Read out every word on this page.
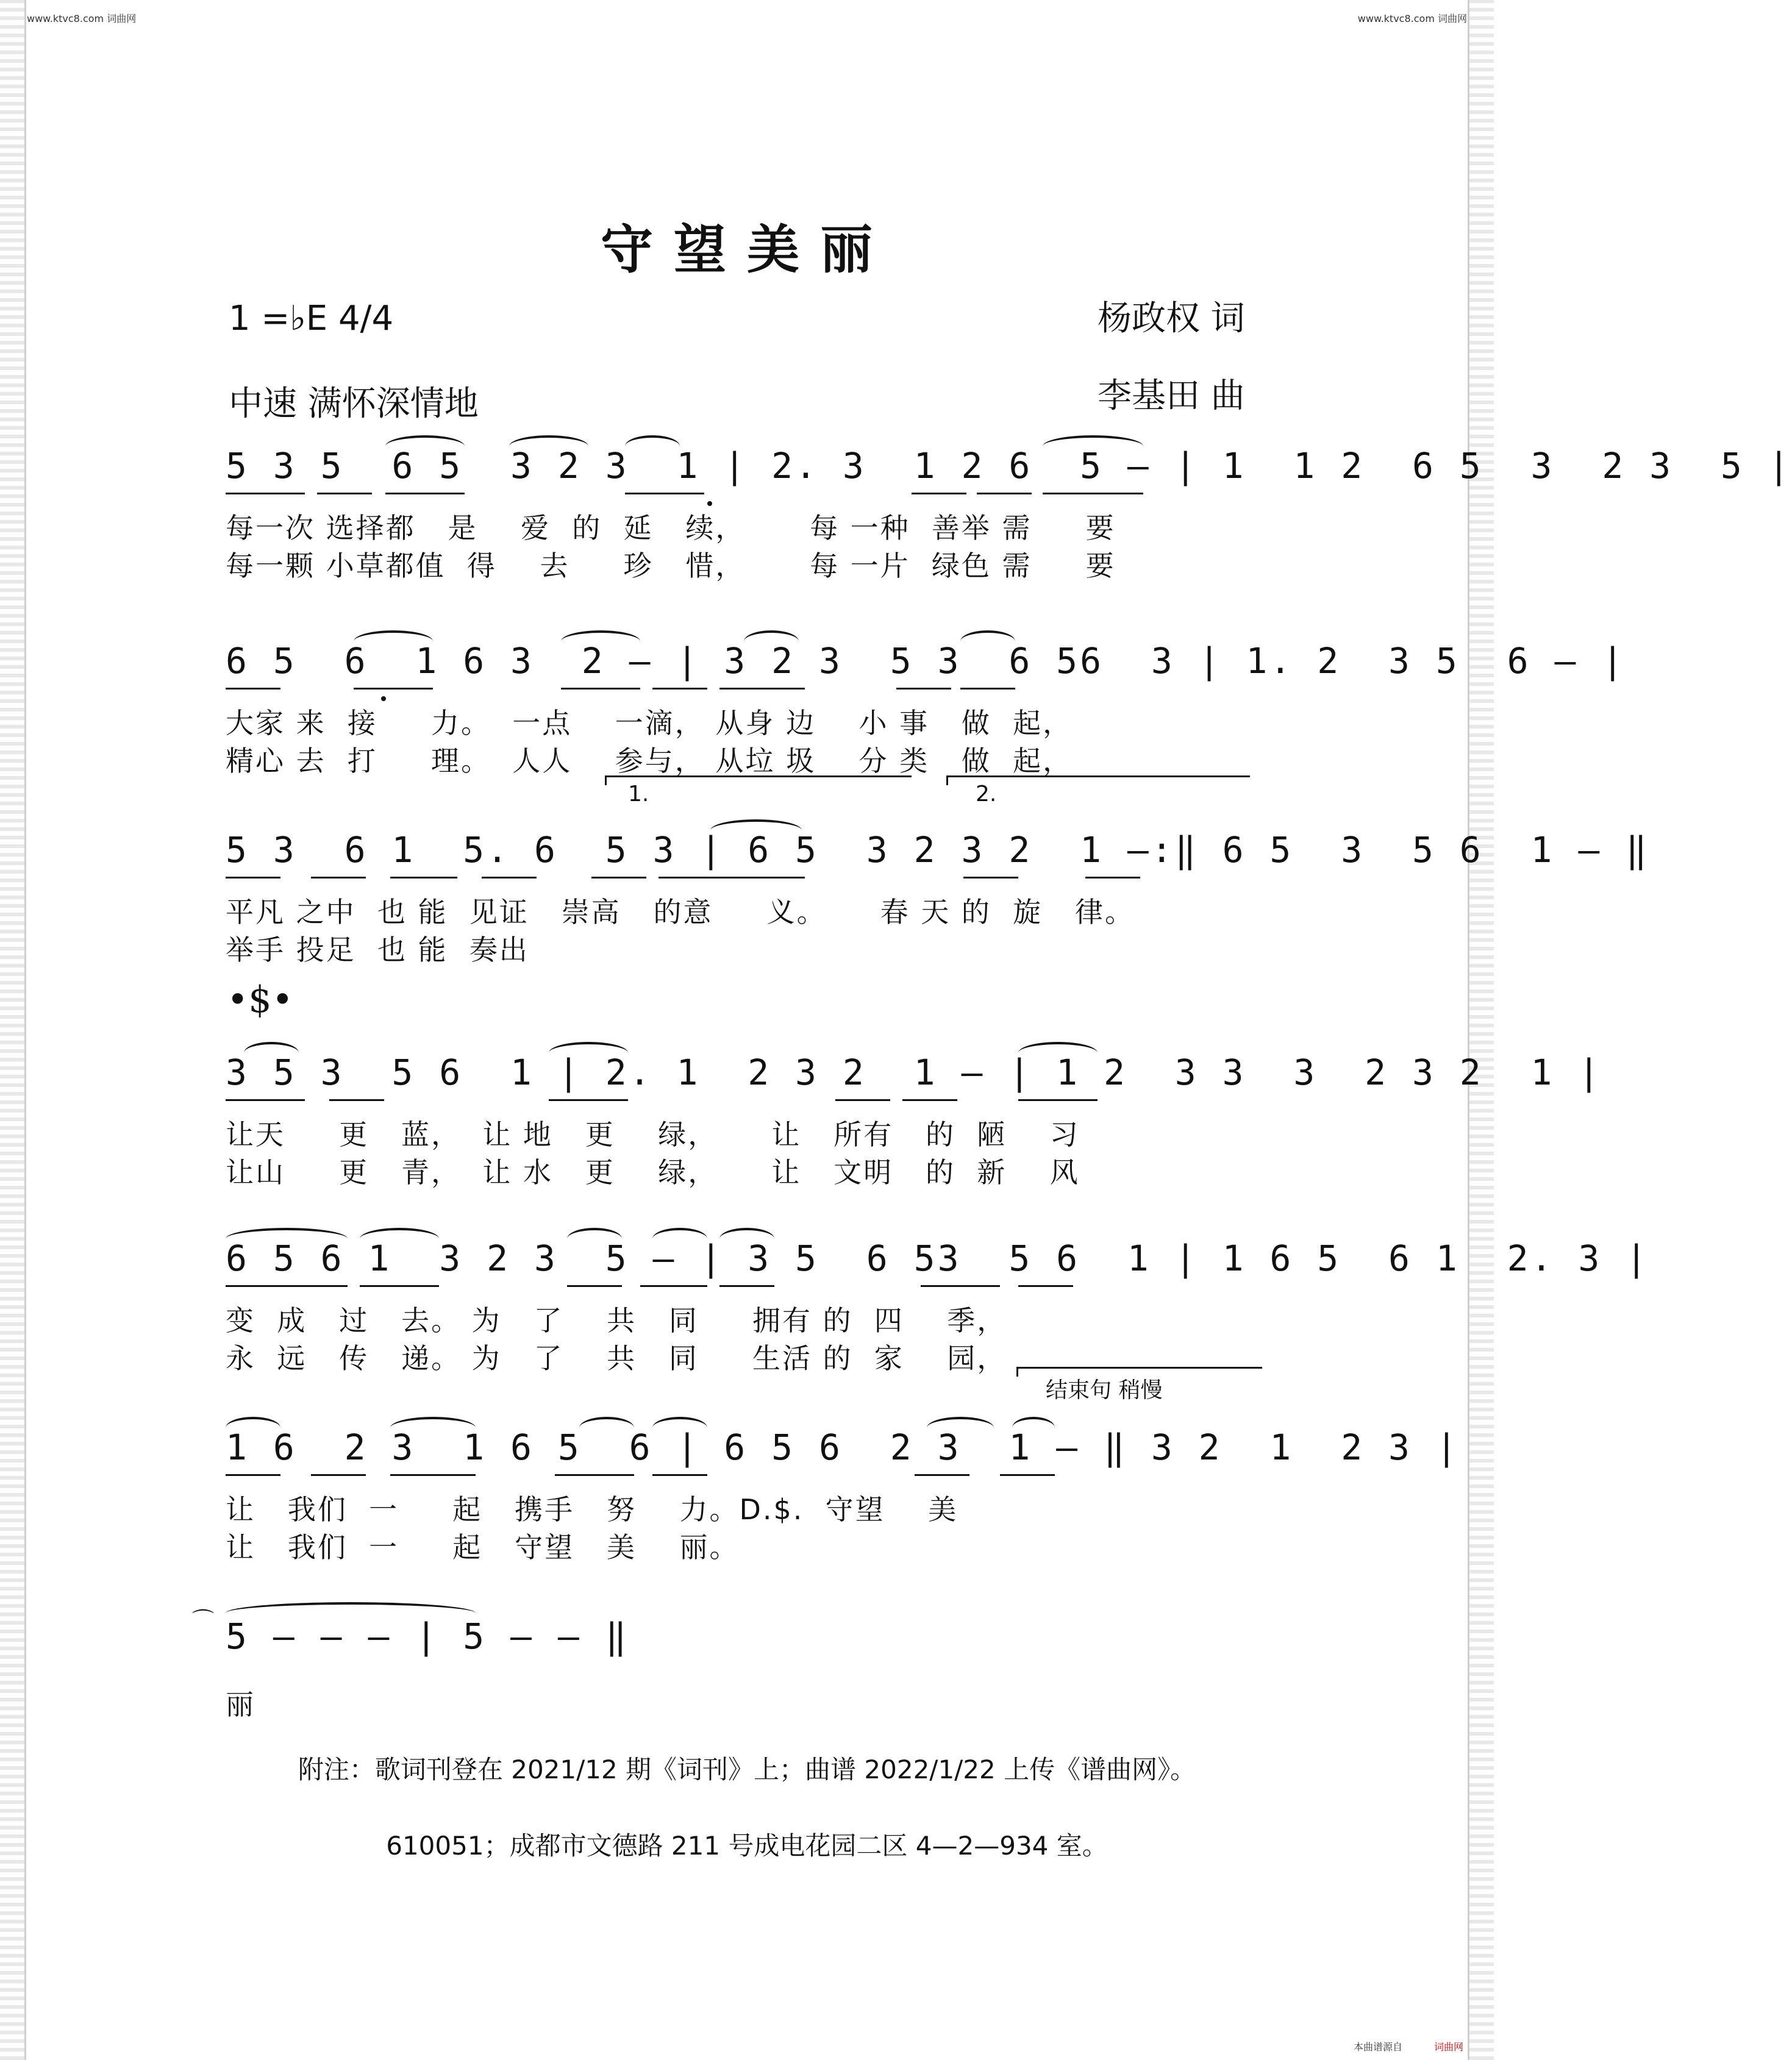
www.ktvc8.com 词曲网	www.ktvc8.com 词曲网
守望美丽
1 =♭E 4/4	杨政权 词
中速 满怀深情地	李基田 曲
5 3 5  6 5  3 2 3  1 | 2. 3  1 2 6  5 — | 1  1 2  6 5  3  2 3  5 |
每一次 选择都   是    爱  的  延   续，      每 一种  善举 需     要
每一颗 小草都值  得    去     珍   惜，      每 一片  绿色 需     要
6 5  6  1 6 3  2 — | 3 2 3  5 3  6 56  3 | 1. 2  3 5  6 — |
大家 来  接     力。  一点    一滴， 从身 边    小 事   做  起，
精心 去  打     理。  人人    参与， 从垃 圾    分 类   做  起，
1.	2.
5 3  6 1  5. 6  5 3 | 6 5  3 2 3 2  1 —:‖ 6 5  3  5 6  1 — ‖
平凡 之中  也 能  见证   崇高   的意     义。     春 天 的  旋   律。
举手 投足  也 能  奏出
•$•
3 5 3  5 6  1 | 2. 1  2 3 2  1 — | 1 2  3 3  3  2 3 2  1 |
让天     更   蓝，  让 地   更    绿，     让   所有   的  陋    习
让山     更   青，  让 水   更    绿，     让   文明   的  新    风
6 5 6 1  3 2 3  5 — | 3 5  6 53  5 6  1 | 1 6 5  6 1  2. 3 |
变  成   过   去。 为   了    共   同     拥有 的  四    季，
永  远   传   递。 为   了    共   同     生活 的  家    园，
结束句 稍慢
1 6  2 3  1 6 5  6 | 6 5 6  2 3  1 — ‖ 3 2  1  2 3 |
让   我们  一     起   携手   努    力。D.$.  守望    美
让   我们  一     起   守望   美    丽。
⌒ 5 — — — | 5 — — ‖
丽
附注：歌词刊登在 2021/12 期《词刊》上；曲谱 2022/1/22 上传《谱曲网》。
610051；成都市文德路 211 号成电花园二区 4—2—934 室。
本曲谱源自	词曲网
